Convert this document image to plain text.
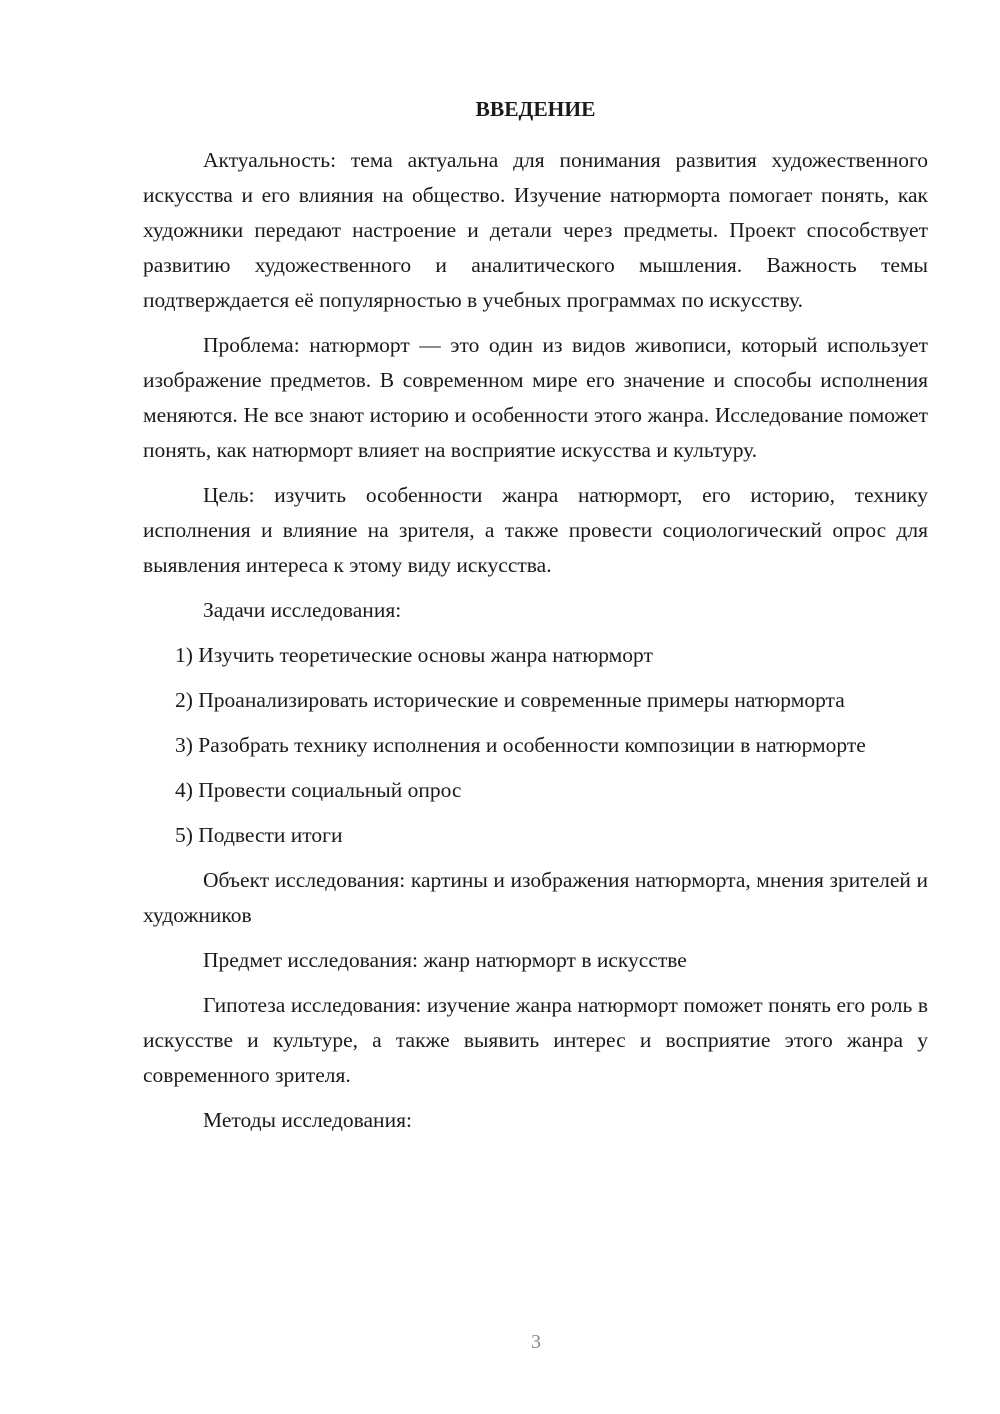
ВВЕДЕНИЕ

Актуальность: тема актуальна для понимания развития художественного искусства и его влияния на общество. Изучение натюрморта помогает понять, как художники передают настроение и детали через предметы. Проект способствует развитию художественного и аналитического мышления. Важность темы подтверждается её популярностью в учебных программах по искусству.

Проблема: натюрморт — это один из видов живописи, который использует изображение предметов. В современном мире его значение и способы исполнения меняются. Не все знают историю и особенности этого жанра. Исследование поможет понять, как натюрморт влияет на восприятие искусства и культуру.

Цель: изучить особенности жанра натюрморт, его историю, технику исполнения и влияние на зрителя, а также провести социологический опрос для выявления интереса к этому виду искусства.

Задачи исследования:

1) Изучить теоретические основы жанра натюрморт

2) Проанализировать исторические и современные примеры натюрморта

3) Разобрать технику исполнения и особенности композиции в натюрморте

4) Провести социальный опрос

5) Подвести итоги

Объект исследования: картины и изображения натюрморта, мнения зрителей и художников

Предмет исследования: жанр натюрморт в искусстве

Гипотеза исследования: изучение жанра натюрморт поможет понять его роль в искусстве и культуре, а также выявить интерес и восприятие этого жанра у современного зрителя.

Методы исследования:

3
